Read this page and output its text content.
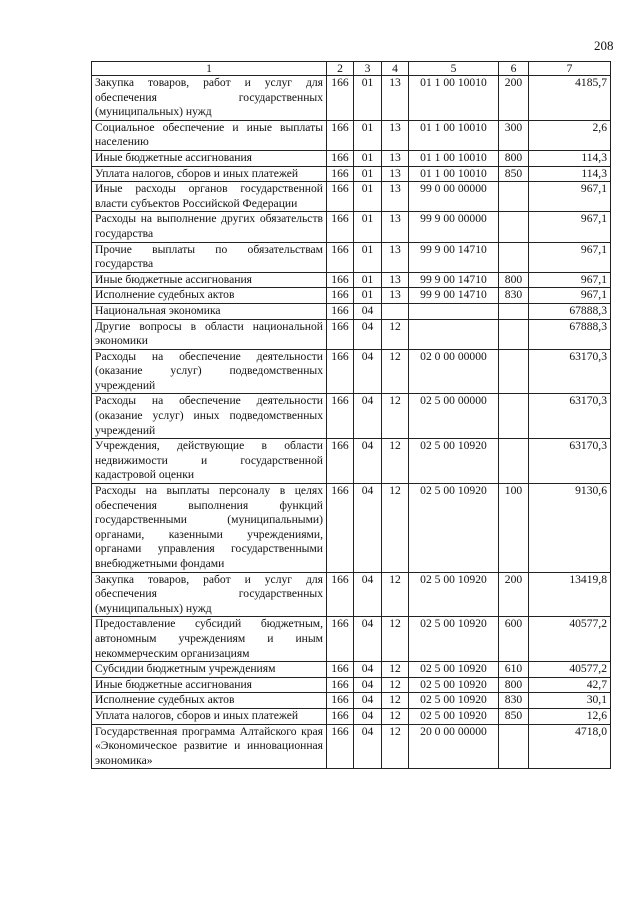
208
1	2	3	4	5	6	7
Закупка товаров, работ и услуг для обеспечения государственных (муниципальных) нужд	166	01	13	01 1 00 10010	200	4185,7
Социальное обеспечение и иные выплаты населению	166	01	13	01 1 00 10010	300	2,6
Иные бюджетные ассигнования	166	01	13	01 1 00 10010	800	114,3
Уплата налогов, сборов и иных платежей	166	01	13	01 1 00 10010	850	114,3
Иные расходы органов государственной власти субъектов Российской Федерации	166	01	13	99 0 00 00000		967,1
Расходы на выполнение других обязательств государства	166	01	13	99 9 00 00000		967,1
Прочие выплаты по обязательствам государства	166	01	13	99 9 00 14710		967,1
Иные бюджетные ассигнования	166	01	13	99 9 00 14710	800	967,1
Исполнение судебных актов	166	01	13	99 9 00 14710	830	967,1
Национальная экономика	166	04				67888,3
Другие вопросы в области национальной экономики	166	04	12			67888,3
Расходы на обеспечение деятельности (оказание услуг) подведомственных учреждений	166	04	12	02 0 00 00000		63170,3
Расходы на обеспечение деятельности (оказание услуг) иных подведомственных учреждений	166	04	12	02 5 00 00000		63170,3
Учреждения, действующие в области недвижимости и государственной кадастровой оценки	166	04	12	02 5 00 10920		63170,3
Расходы на выплаты персоналу в целях обеспечения выполнения функций государственными (муниципальными) органами, казенными учреждениями, органами управления государственными внебюджетными фондами	166	04	12	02 5 00 10920	100	9130,6
Закупка товаров, работ и услуг для обеспечения государственных (муниципальных) нужд	166	04	12	02 5 00 10920	200	13419,8
Предоставление субсидий бюджетным, автономным учреждениям и иным некоммерческим организациям	166	04	12	02 5 00 10920	600	40577,2
Субсидии бюджетным учреждениям	166	04	12	02 5 00 10920	610	40577,2
Иные бюджетные ассигнования	166	04	12	02 5 00 10920	800	42,7
Исполнение судебных актов	166	04	12	02 5 00 10920	830	30,1
Уплата налогов, сборов и иных платежей	166	04	12	02 5 00 10920	850	12,6
Государственная программа Алтайского края «Экономическое развитие и инновационная экономика»	166	04	12	20 0 00 00000		4718,0
